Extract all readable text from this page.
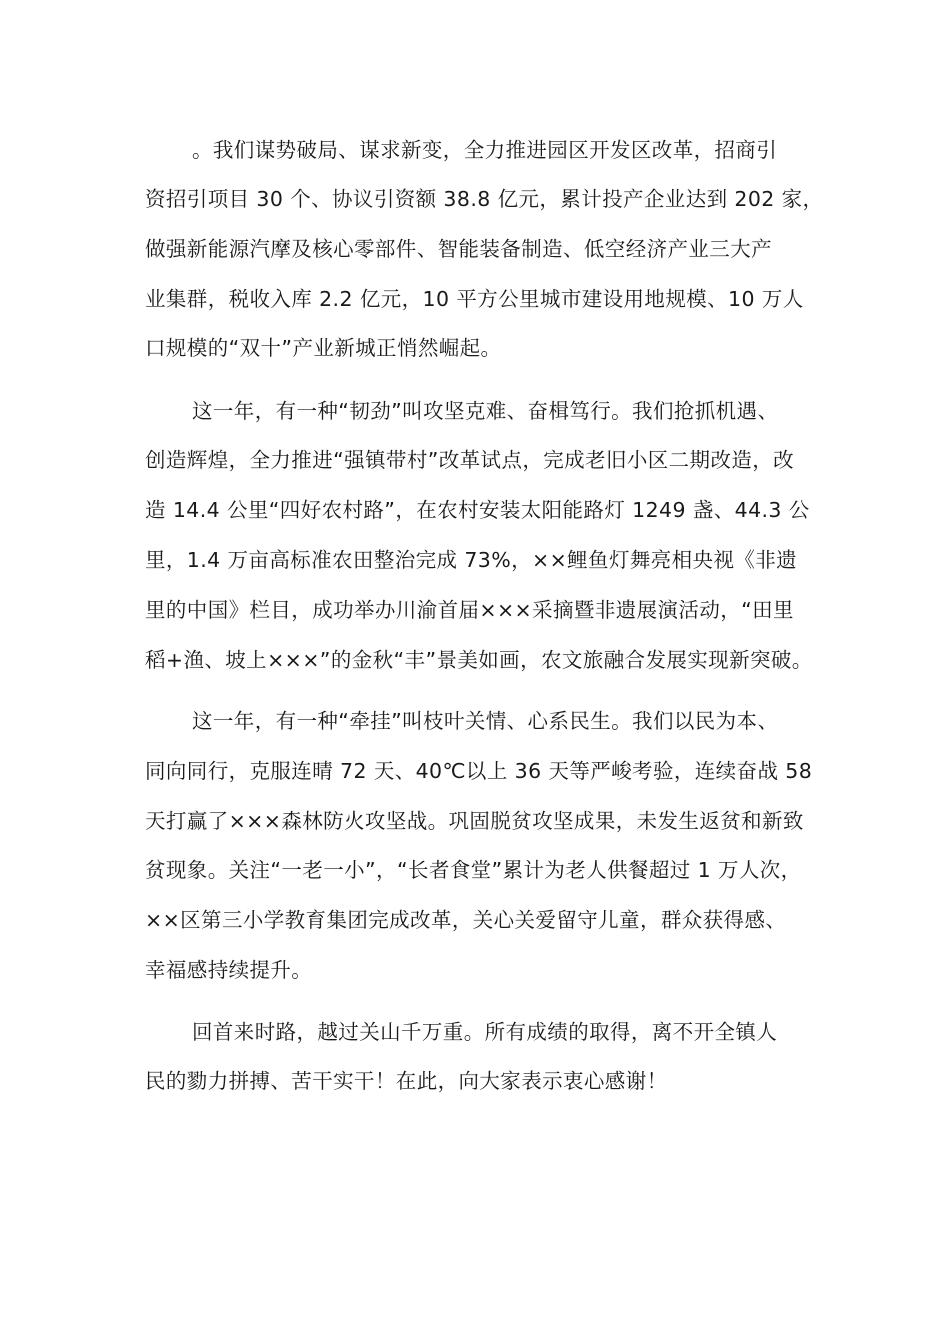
。我们谋势破局、谋求新变，全力推进园区开发区改革，招商引
资招引项目 30 个、协议引资额 38.8 亿元，累计投产企业达到 202 家，
做强新能源汽摩及核心零部件、智能装备制造、低空经济产业三大产
业集群，税收入库 2.2 亿元，10 平方公里城市建设用地规模、10 万人
口规模的“双十”产业新城正悄然崛起。
这一年，有一种“韧劲”叫攻坚克难、奋楫笃行。我们抢抓机遇、
创造辉煌，全力推进“强镇带村”改革试点，完成老旧小区二期改造，改
造 14.4 公里“四好农村路”，在农村安装太阳能路灯 1249 盏、44.3 公
里，1.4 万亩高标准农田整治完成 73%，××鲤鱼灯舞亮相央视《非遗
里的中国》栏目，成功举办川渝首届×××采摘暨非遗展演活动，“田里
稻+渔、坡上×××”的金秋“丰”景美如画，农文旅融合发展实现新突破。
这一年，有一种“牵挂”叫枝叶关情、心系民生。我们以民为本、
同向同行，克服连晴 72 天、40℃以上 36 天等严峻考验，连续奋战 58
天打赢了×××森林防火攻坚战。巩固脱贫攻坚成果，未发生返贫和新致
贫现象。关注“一老一小”，“长者食堂”累计为老人供餐超过 1 万人次，
××区第三小学教育集团完成改革，关心关爱留守儿童，群众获得感、
幸福感持续提升。
回首来时路，越过关山千万重。所有成绩的取得，离不开全镇人
民的勠力拼搏、苦干实干！在此，向大家表示衷心感谢！
